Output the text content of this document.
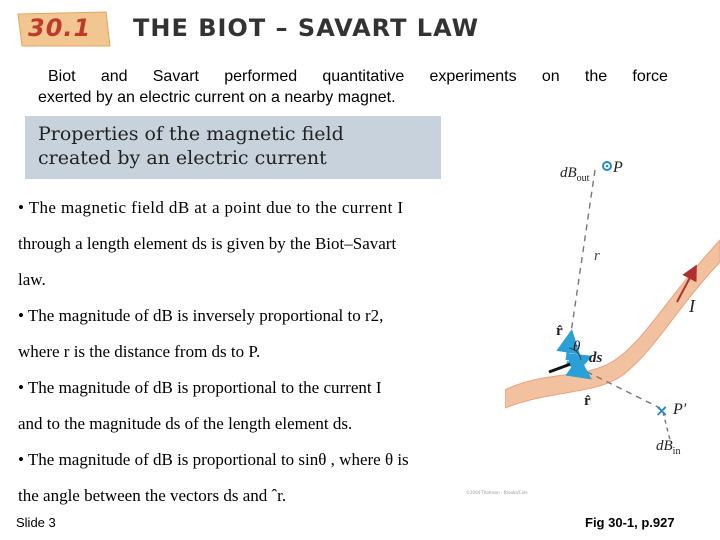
30.1 THE BIOT – SAVART LAW
Biot and Savart performed quantitative experiments on the force
exerted by an electric current on a nearby magnet.
Properties of the magnetic field
created by an electric current
• The magnetic field dB at a point due to the current I
through a length element ds is given by the Biot–Savart
law.
• The magnitude of dB is inversely proportional to r2,
where r is the distance from ds to P.
• The magnitude of dB is proportional to the current I
and to the magnitude ds of the length element ds.
• The magnitude of dB is proportional to sinθ , where θ is
the angle between the vectors ds and ˆr.
$dB_{out}$
P
r
r̂
θ
ds
I
r̂	× P′
$dB_{in}$
©2004 Thomson - Brooks/Cole
Slide 3	Fig 30-1, p.927
